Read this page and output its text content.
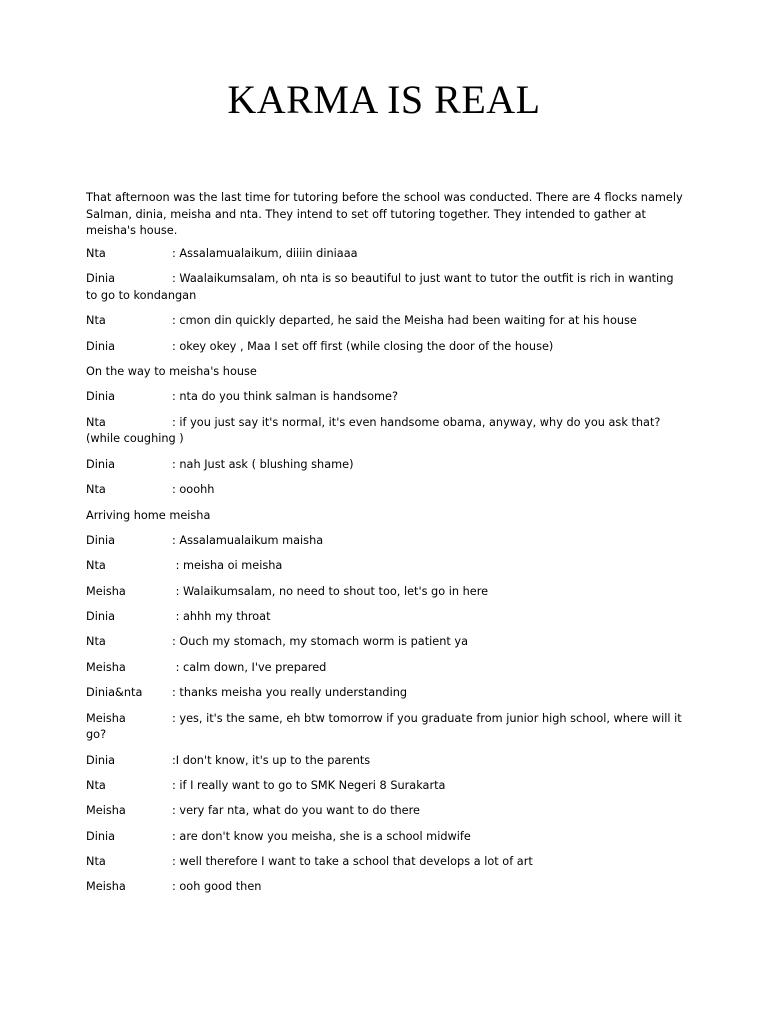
KARMA IS REAL
That afternoon was the last time for tutoring before the school was conducted. There are 4 flocks namely Salman, dinia, meisha and nta. They intend to set off tutoring together. They intended to gather at meisha's house.
Nta	: Assalamualaikum, diiiin diniaaa
Dinia	: Waalaikumsalam, oh nta is so beautiful to just want to tutor the outfit is rich in wanting to go to kondangan
Nta	: cmon din quickly departed, he said the Meisha had been waiting for at his house
Dinia	: okey okey , Maa I set off first (while closing the door of the house)
On the way to meisha's house
Dinia	: nta do you think salman is handsome?
Nta	: if you just say it's normal, it's even handsome obama, anyway, why do you ask that? (while coughing )
Dinia	: nah Just ask ( blushing shame)
Nta	: ooohh
Arriving home meisha
Dinia	: Assalamualaikum maisha
Nta	: meisha oi meisha
Meisha	: Walaikumsalam, no need to shout too, let's go in here
Dinia	: ahhh my throat
Nta	: Ouch my stomach, my stomach worm is patient ya
Meisha	: calm down, I've prepared
Dinia&nta	: thanks meisha you really understanding
Meisha	: yes, it's the same, eh btw tomorrow if you graduate from junior high school, where will it go?
Dinia	:I don't know, it's up to the parents
Nta	: if I really want to go to SMK Negeri 8 Surakarta
Meisha	: very far nta, what do you want to do there
Dinia	: are don't know you meisha, she is a school midwife
Nta	: well therefore I want to take a school that develops a lot of art
Meisha	: ooh good then
